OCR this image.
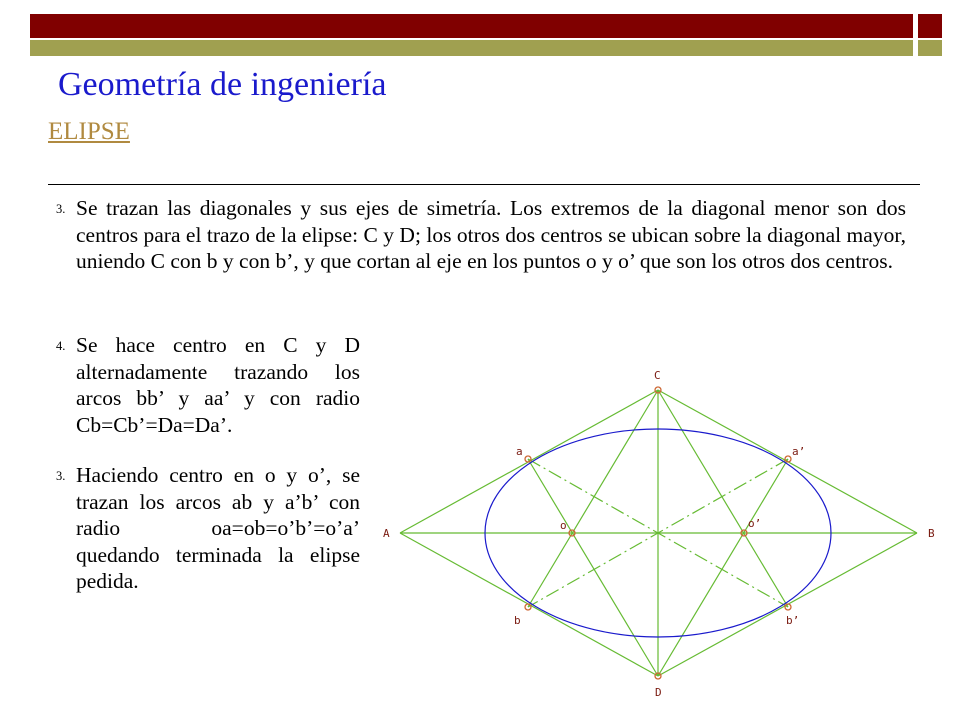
Geometría de ingeniería
ELIPSE
3. Se trazan las diagonales y sus ejes de simetría. Los extremos de la diagonal menor son dos centros para el trazo de la elipse: C y D; los otros dos centros se ubican sobre la diagonal mayor, uniendo C con b y con b’, y que cortan al eje en los puntos o y o’ que son los otros dos centros.
4. Se hace centro en C y D alternadamente trazando los arcos bb’ y aa’ y con radio Cb=Cb’=Da=Da’.
3. Haciendo centro en o y o’, se trazan los arcos ab y a’b’ con radio oa=ob=o’b’=o’a’ quedando terminada la elipse pedida.
C
D
A	B
a	a’
b	b’
o	o’
